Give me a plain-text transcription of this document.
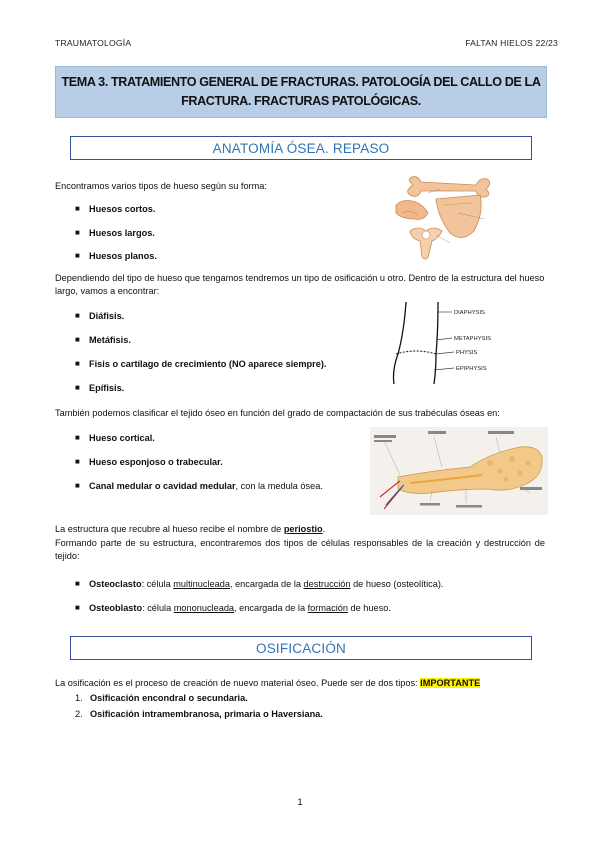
TRAUMATOLOGÍA	FALTAN HIELOS 22/23
TEMA 3. TRATAMIENTO GENERAL DE FRACTURAS. PATOLOGÍA DEL CALLO DE LA
FRACTURA. FRACTURAS PATOLÓGICAS.
ANATOMÍA ÓSEA. REPASO
Encontramos varios tipos de hueso según su forma:
■ Huesos cortos.
■ Huesos largos.
■ Huesos planos.
Dependiendo del tipo de hueso que tengamos tendremos un tipo de osificación u otro. Dentro de la estructura del hueso largo, vamos a encontrar:
■ Diáfisis.
■ Metáfisis.
■ Fisis o cartílago de crecimiento (NO aparece siempre).
■ Epífisis.
DIAPHYSIS
METAPHYSIS
PHYSIS
EPIPHYSIS
También podemos clasificar el tejido óseo en función del grado de compactación de sus trabéculas óseas en:
■ Hueso cortical.
■ Hueso esponjoso o trabecular.
■ Canal medular o cavidad medular, con la medula ósea.
La estructura que recubre al hueso recibe el nombre de periostio.
Formando parte de su estructura, encontraremos dos tipos de células responsables de la creación y destrucción de tejido:
■ Osteoclasto: célula multinucleada, encargada de la destrucción de hueso (osteolítica).
■ Osteoblasto: célula mononucleada, encargada de la formación de hueso.
OSIFICACIÓN
La osificación es el proceso de creación de nuevo material óseo. Puede ser de dos tipos: IMPORTANTE
1. Osificación encondral o secundaria.
2. Osificación intramembranosa, primaria o Haversiana.
1
